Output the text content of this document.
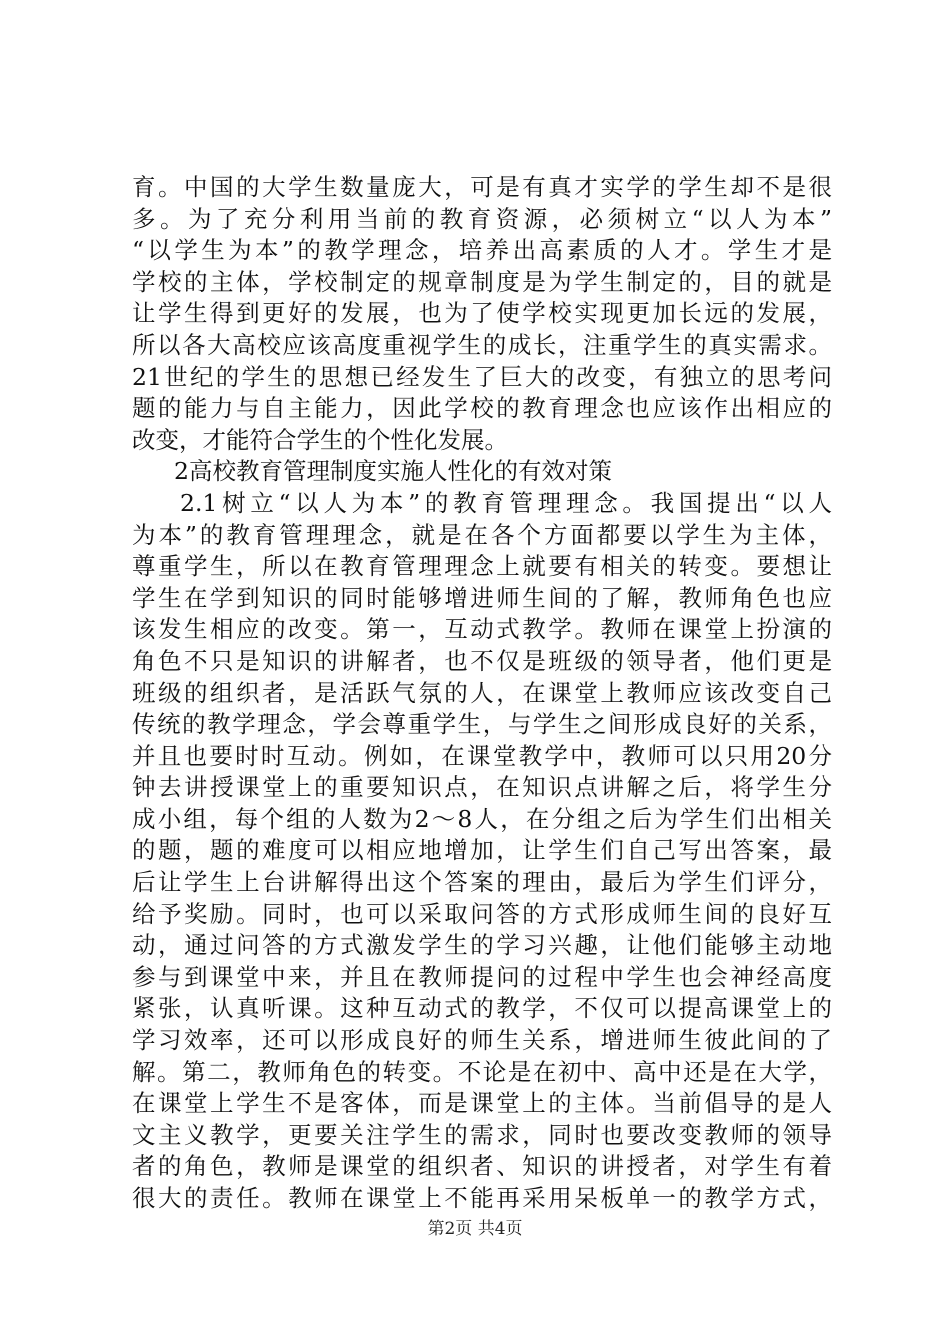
育。中国的大学生数量庞大，可是有真才实学的学生却不是很
多。为了充分利用当前的教育资源，必须树立“以人为本”
“以学生为本”的教学理念，培养出高素质的人才。学生才是
学校的主体，学校制定的规章制度是为学生制定的，目的就是
让学生得到更好的发展，也为了使学校实现更加长远的发展，
所以各大高校应该高度重视学生的成长，注重学生的真实需求。
21世纪的学生的思想已经发生了巨大的改变，有独立的思考问
题的能力与自主能力，因此学校的教育理念也应该作出相应的
改变，才能符合学生的个性化发展。
2高校教育管理制度实施人性化的有效对策
2.1树立“以人为本”的教育管理理念。我国提出“以人
为本”的教育管理理念，就是在各个方面都要以学生为主体，
尊重学生，所以在教育管理理念上就要有相关的转变。要想让
学生在学到知识的同时能够增进师生间的了解，教师角色也应
该发生相应的改变。第一，互动式教学。教师在课堂上扮演的
角色不只是知识的讲解者，也不仅是班级的领导者，他们更是
班级的组织者，是活跃气氛的人，在课堂上教师应该改变自己
传统的教学理念，学会尊重学生，与学生之间形成良好的关系，
并且也要时时互动。例如，在课堂教学中，教师可以只用20分
钟去讲授课堂上的重要知识点，在知识点讲解之后，将学生分
成小组，每个组的人数为2～8人，在分组之后为学生们出相关
的题，题的难度可以相应地增加，让学生们自己写出答案，最
后让学生上台讲解得出这个答案的理由，最后为学生们评分，
给予奖励。同时，也可以采取问答的方式形成师生间的良好互
动，通过问答的方式激发学生的学习兴趣，让他们能够主动地
参与到课堂中来，并且在教师提问的过程中学生也会神经高度
紧张，认真听课。这种互动式的教学，不仅可以提高课堂上的
学习效率，还可以形成良好的师生关系，增进师生彼此间的了
解。第二，教师角色的转变。不论是在初中、高中还是在大学，
在课堂上学生不是客体，而是课堂上的主体。当前倡导的是人
文主义教学，更要关注学生的需求，同时也要改变教师的领导
者的角色，教师是课堂的组织者、知识的讲授者，对学生有着
很大的责任。教师在课堂上不能再采用呆板单一的教学方式，
第2页 共4页
